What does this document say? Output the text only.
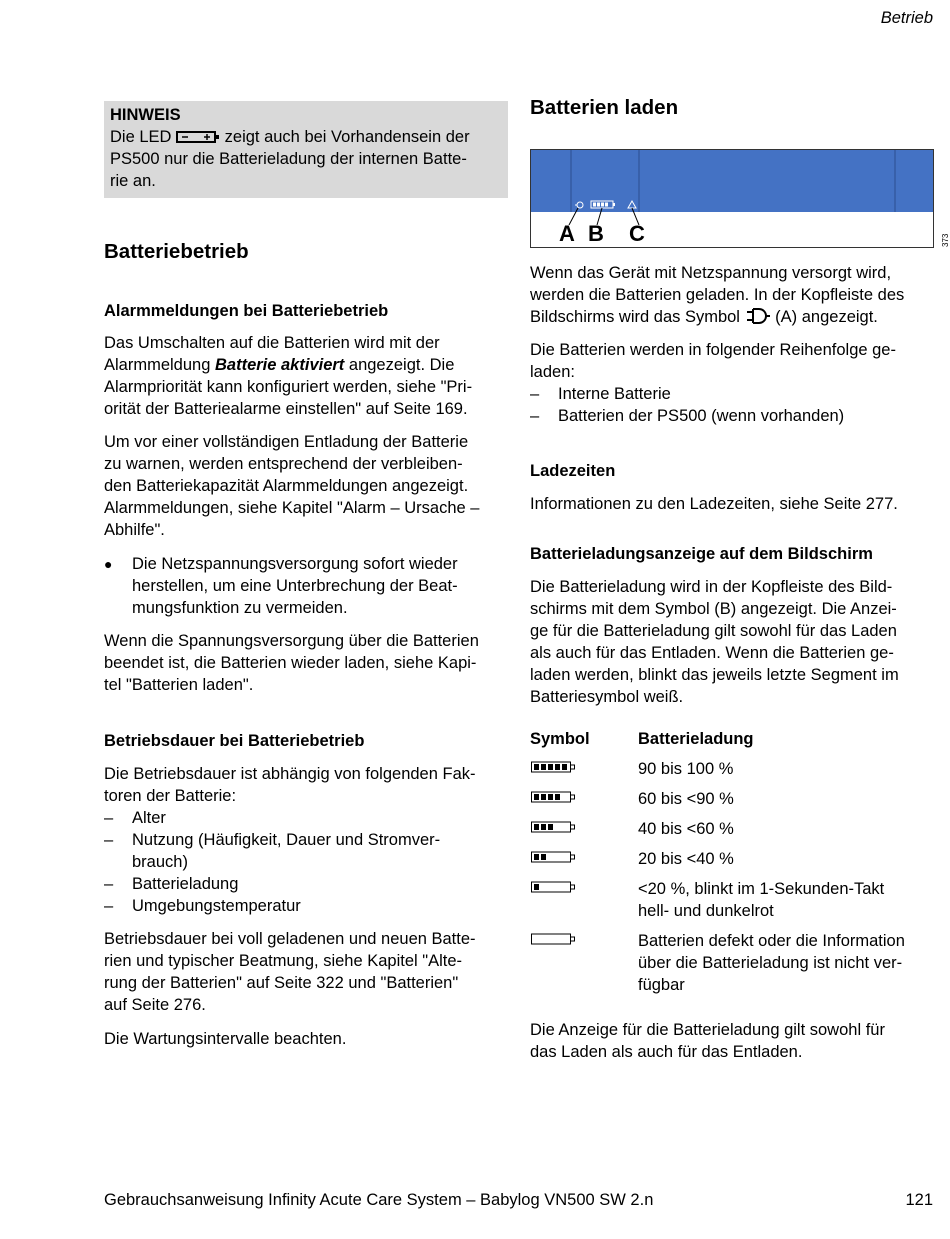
Betrieb
HINWEIS
Die LED	zeigt auch bei Vorhandensein der
PS500 nur die Batterieladung der internen Batte-
rie an.
Batteriebetrieb
Alarmmeldungen bei Batteriebetrieb

Das Umschalten auf die Batterien wird mit der
Alarmmeldung Batterie aktiviert angezeigt. Die
Alarmpriorität kann konfiguriert werden, siehe "Pri-
orität der Batteriealarme einstellen" auf Seite 169.

Um vor einer vollständigen Entladung der Batterie
zu warnen, werden entsprechend der verbleiben-
den Batteriekapazität Alarmmeldungen angezeigt.
Alarmmeldungen, siehe Kapitel "Alarm – Ursache –
Abhilfe".

●	Die Netzspannungsversorgung sofort wieder
herstellen, um eine Unterbrechung der Beat-
mungsfunktion zu vermeiden.

Wenn die Spannungsversorgung über die Batterien
beendet ist, die Batterien wieder laden, siehe Kapi-
tel "Batterien laden".

Betriebsdauer bei Batteriebetrieb

Die Betriebsdauer ist abhängig von folgenden Fak-
toren der Batterie:

–	Alter
–	Nutzung (Häufigkeit, Dauer und Stromver-
brauch)
–	Batterieladung
–	Umgebungstemperatur

Betriebsdauer bei voll geladenen und neuen Batte-
rien und typischer Beatmung, siehe Kapitel "Alte-
rung der Batterien" auf Seite 322 und "Batterien"
auf Seite 276.

Die Wartungsintervalle beachten.

Batterien laden
A B C	373

Wenn das Gerät mit Netzspannung versorgt wird,
werden die Batterien geladen. In der Kopfleiste des
Bildschirms wird das Symbol (A) angezeigt.

Die Batterien werden in folgender Reihenfolge ge-
laden:

–	Interne Batterie
–	Batterien der PS500 (wenn vorhanden)
Ladezeiten

Informationen zu den Ladezeiten, siehe Seite 277.

Batterieladungsanzeige auf dem Bildschirm

Die Batterieladung wird in der Kopfleiste des Bild-
schirms mit dem Symbol (B) angezeigt. Die Anzei-
ge für die Batterieladung gilt sowohl für das Laden
als auch für das Entladen. Wenn die Batterien ge-
laden werden, blinkt das jeweils letzte Segment im
Batteriesymbol weiß.

Symbol	Batterieladung
90 bis 100 %
60 bis <90 %
40 bis <60 %
20 bis <40 %
<20 %, blinkt im 1-Sekunden-Takt
hell- und dunkelrot
Batterien defekt oder die Information
über die Batterieladung ist nicht ver-
fügbar

Die Anzeige für die Batterieladung gilt sowohl für
das Laden als auch für das Entladen.

Gebrauchsanweisung Infinity Acute Care System – Babylog VN500 SW 2.n	121
